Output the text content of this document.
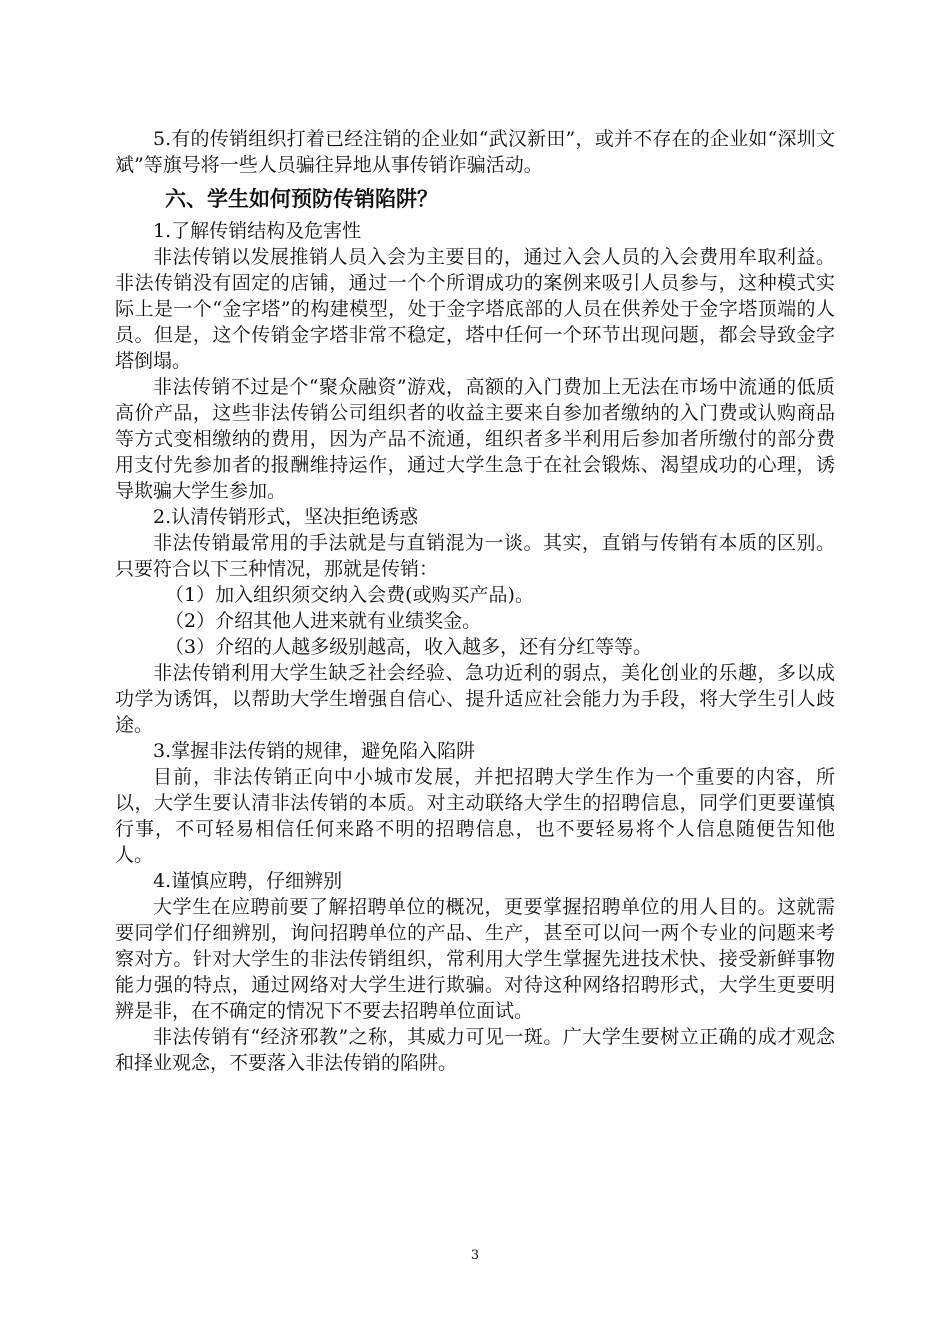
5.有的传销组织打着已经注销的企业如“武汉新田”，或并不存在的企业如“深圳文斌”等旗号将一些人员骗往异地从事传销诈骗活动。

六、学生如何预防传销陷阱？

1.了解传销结构及危害性

非法传销以发展推销人员入会为主要目的，通过入会人员的入会费用牟取利益。非法传销没有固定的店铺，通过一个个所谓成功的案例来吸引人员参与，这种模式实际上是一个“金字塔”的构建模型，处于金字塔底部的人员在供养处于金字塔顶端的人员。但是，这个传销金字塔非常不稳定，塔中任何一个环节出现问题，都会导致金字塔倒塌。

非法传销不过是个“聚众融资”游戏，高额的入门费加上无法在市场中流通的低质高价产品，这些非法传销公司组织者的收益主要来自参加者缴纳的入门费或认购商品等方式变相缴纳的费用，因为产品不流通，组织者多半利用后参加者所缴付的部分费用支付先参加者的报酬维持运作，通过大学生急于在社会锻炼、渴望成功的心理，诱导欺骗大学生参加。

2.认清传销形式，坚决拒绝诱惑

非法传销最常用的手法就是与直销混为一谈。其实，直销与传销有本质的区别。只要符合以下三种情况，那就是传销：

（1）加入组织须交纳入会费(或购买产品)。

（2）介绍其他人进来就有业绩奖金。

（3）介绍的人越多级别越高，收入越多，还有分红等等。

非法传销利用大学生缺乏社会经验、急功近利的弱点，美化创业的乐趣，多以成功学为诱饵，以帮助大学生增强自信心、提升适应社会能力为手段，将大学生引人歧途。

3.掌握非法传销的规律，避免陷入陷阱

目前，非法传销正向中小城市发展，并把招聘大学生作为一个重要的内容，所以，大学生要认清非法传销的本质。对主动联络大学生的招聘信息，同学们更要谨慎行事，不可轻易相信任何来路不明的招聘信息，也不要轻易将个人信息随便告知他人。

4.谨慎应聘，仔细辨别

大学生在应聘前要了解招聘单位的概况，更要掌握招聘单位的用人目的。这就需要同学们仔细辨别，询问招聘单位的产品、生产，甚至可以问一两个专业的问题来考察对方。针对大学生的非法传销组织，常利用大学生掌握先进技术快、接受新鲜事物能力强的特点，通过网络对大学生进行欺骗。对待这种网络招聘形式，大学生更要明辨是非，在不确定的情况下不要去招聘单位面试。

非法传销有“经济邪教”之称，其威力可见一斑。广大学生要树立正确的成才观念和择业观念，不要落入非法传销的陷阱。

3
